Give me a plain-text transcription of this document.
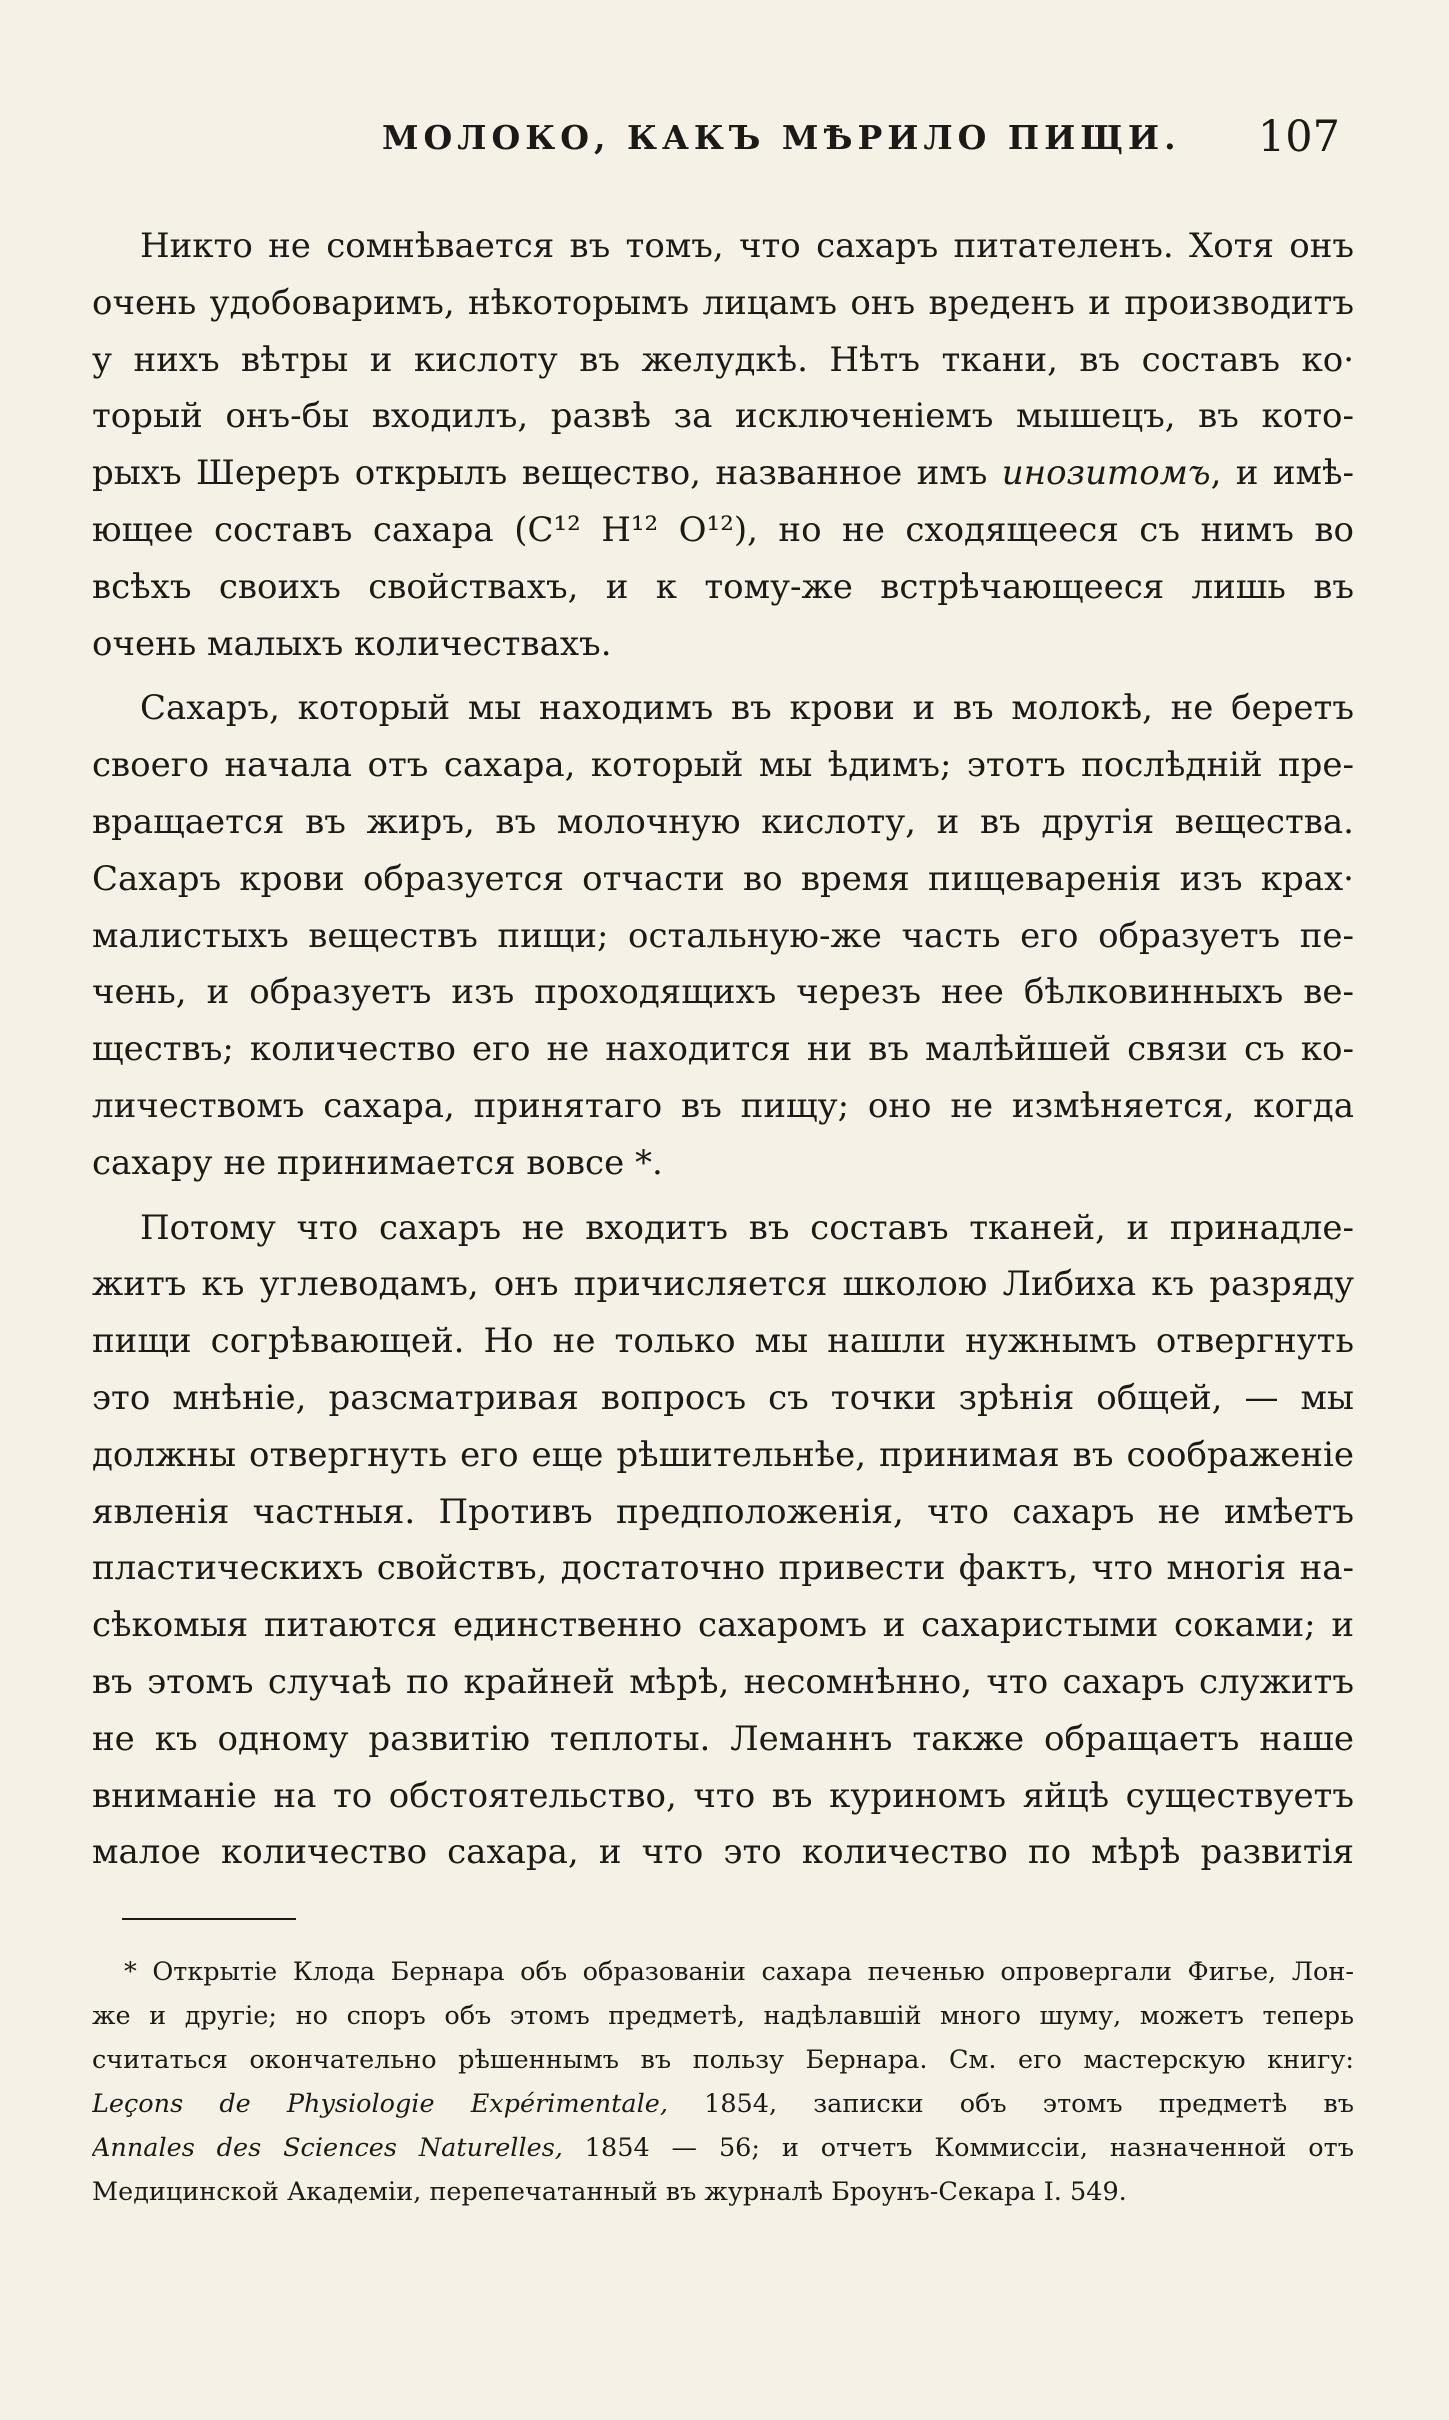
МОЛОКО, КАКЪ МѢРИЛО ПИЩИ. 107
Никто не сомнѣвается въ томъ, что сахаръ питателенъ. Хотя онъ
очень удобоваримъ, нѣкоторымъ лицамъ онъ вреденъ и производитъ
у нихъ вѣтры и кислоту въ желудкѣ. Нѣтъ ткани, въ составъ ко·
торый онъ-бы входилъ, развѣ за исключеніемъ мышецъ, въ кото-
рыхъ Шереръ открылъ вещество, названное имъ инозитомъ, и имѣ-
ющее составъ сахара (C¹² H¹² O¹²), но не сходящееся съ нимъ во
всѣхъ своихъ свойствахъ, и к тому-же встрѣчающееся лишь въ
очень малыхъ количествахъ.
Сахаръ, который мы находимъ въ крови и въ молокѣ, не беретъ
своего начала отъ сахара, который мы ѣдимъ; этотъ послѣдній пре-
вращается въ жиръ, въ молочную кислоту, и въ другія вещества.
Сахаръ крови образуется отчасти во время пищеваренія изъ крах·
малистыхъ веществъ пищи; остальную-же часть его образуетъ пе-
чень, и образуетъ изъ проходящихъ черезъ нее бѣлковинныхъ ве-
ществъ; количество его не находится ни въ малѣйшей связи съ ко-
личествомъ сахара, принятаго въ пищу; оно не измѣняется, когда
сахару не принимается вовсе *.
Потому что сахаръ не входитъ въ составъ тканей, и принадле-
житъ къ углеводамъ, онъ причисляется школою Либиха къ разряду
пищи согрѣвающей. Но не только мы нашли нужнымъ отвергнуть
это мнѣніе, разсматривая вопросъ съ точки зрѣнія общей, — мы
должны отвергнуть его еще рѣшительнѣе, принимая въ соображеніе
явленія частныя. Противъ предположенія, что сахаръ не имѣетъ
пластическихъ свойствъ, достаточно привести фактъ, что многія на-
сѣкомыя питаются единственно сахаромъ и сахаристыми соками; и
въ этомъ случаѣ по крайней мѣрѣ, несомнѣнно, что сахаръ служитъ
не къ одному развитію теплоты. Леманнъ также обращаетъ наше
вниманіе на то обстоятельство, что въ куриномъ яйцѣ существуетъ
малое количество сахара, и что это количество по мѣрѣ развитія
* Открытіе Клода Бернара объ образованіи сахара печенью опровергали Фигье, Лон-
же и другіе; но споръ объ этомъ предметѣ, надѣлавшій много шуму, можетъ теперь
считаться окончательно рѣшеннымъ въ пользу Бернара. См. его мастерскую книгу:
Leçons de Physiologie Expérimentale, 1854, записки объ этомъ предметѣ въ
Annales des Sciences Naturelles, 1854 — 56; и отчетъ Коммиссіи, назначенной отъ
Медицинской Академіи, перепечатанный въ журналѣ Броунъ-Секара I. 549.
